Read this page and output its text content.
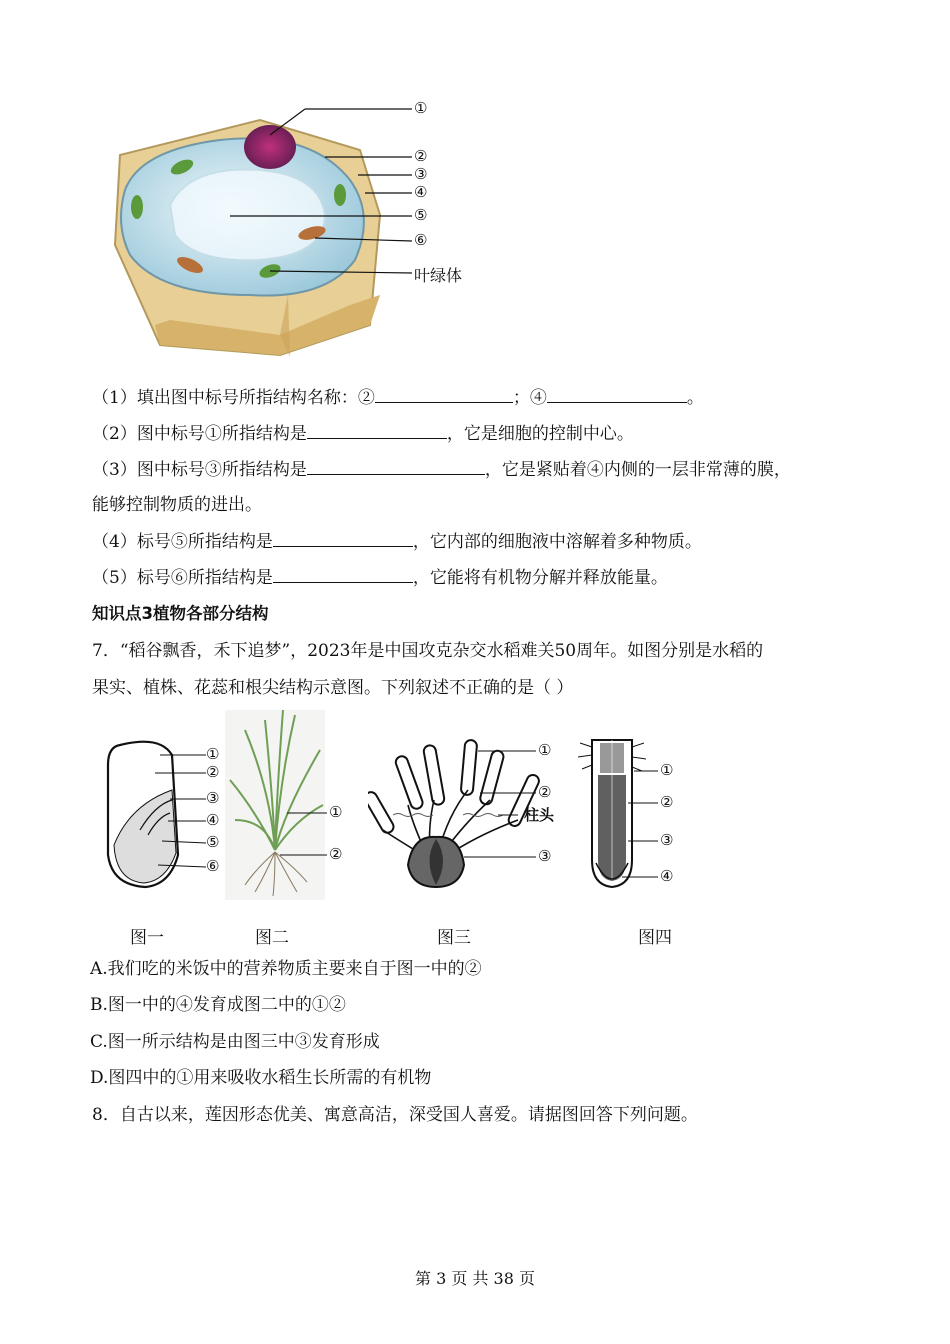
①
②
③
④
⑤
⑥
叶绿体
（1）填出图中标号所指结构名称：②	；④	。
（2）图中标号①所指结构是	，它是细胞的控制中心。
（3）图中标号③所指结构是	，它是紧贴着④内侧的一层非常薄的膜，
能够控制物质的进出。
（4）标号⑤所指结构是	，它内部的细胞液中溶解着多种物质。
（5）标号⑥所指结构是	，它能将有机物分解并释放能量。
知识点3植物各部分结构
7．“稻谷飘香，禾下追梦”，2023年是中国攻克杂交水稻难关50周年。如图分别是水稻的
果实、植株、花蕊和根尖结构示意图。下列叙述不正确的是（ ）
①
②
③
④
⑤
⑥
①
②
①
②
柱头
③
①
②
③
④
图一	图二	图三	图四
A.我们吃的米饭中的营养物质主要来自于图一中的②
B.图一中的④发育成图二中的①②
C.图一所示结构是由图三中③发育形成
D.图四中的①用来吸收水稻生长所需的有机物
8．自古以来，莲因形态优美、寓意高洁，深受国人喜爱。请据图回答下列问题。
第 3 页 共 38 页
